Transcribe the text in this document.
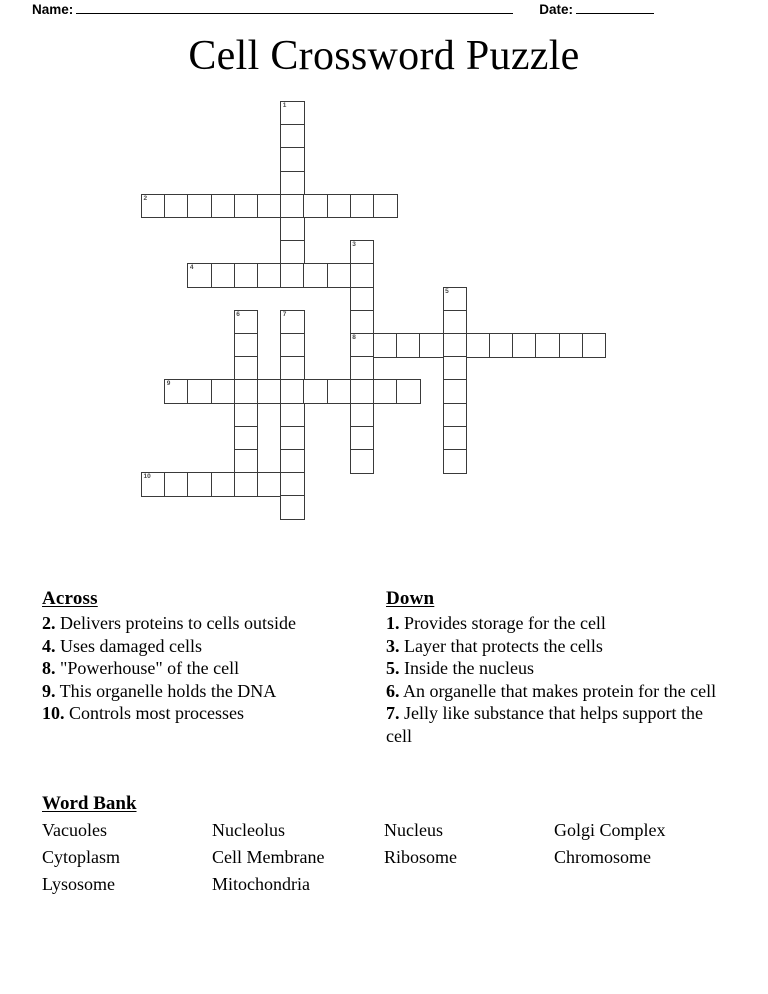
Name:	Date:
Cell Crossword Puzzle
1
2
3
4
5
6	7
8
9
10
Across

2. Delivers proteins to cells outside

4. Uses damaged cells

8. "Powerhouse" of the cell

9. This organelle holds the DNA

10. Controls most processes

Down

1. Provides storage for the cell

3. Layer that protects the cells

5. Inside the nucleus

6. An organelle that makes protein for the cell

7. Jelly like substance that helps support the cell

Word Bank
Vacuoles	Nucleolus	Nucleus	Golgi Complex
Cytoplasm	Cell Membrane	Ribosome	Chromosome
Lysosome	Mitochondria
